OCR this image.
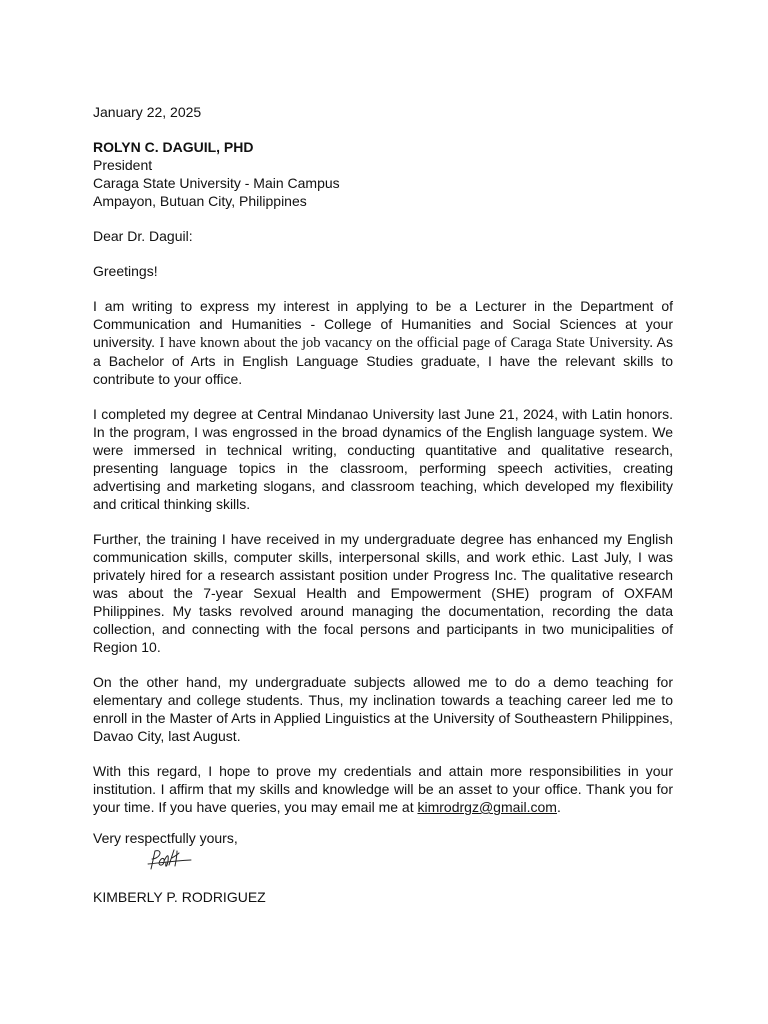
January 22, 2025
ROLYN C. DAGUIL, PHD
President
Caraga State University - Main Campus
Ampayon, Butuan City, Philippines
Dear Dr. Daguil:
Greetings!

I am writing to express my interest in applying to be a Lecturer in the Department of Communication and Humanities - College of Humanities and Social Sciences at your university. I have known about the job vacancy on the official page of Caraga State University. As a Bachelor of Arts in English Language Studies graduate, I have the relevant skills to contribute to your office.

I completed my degree at Central Mindanao University last June 21, 2024, with Latin honors. In the program, I was engrossed in the broad dynamics of the English language system. We were immersed in technical writing, conducting quantitative and qualitative research, presenting language topics in the classroom, performing speech activities, creating advertising and marketing slogans, and classroom teaching, which developed my flexibility and critical thinking skills.

Further, the training I have received in my undergraduate degree has enhanced my English communication skills, computer skills, interpersonal skills, and work ethic. Last July, I was privately hired for a research assistant position under Progress Inc. The qualitative research was about the 7-year Sexual Health and Empowerment (SHE) program of OXFAM Philippines. My tasks revolved around managing the documentation, recording the data collection, and connecting with the focal persons and participants in two municipalities of Region 10.

On the other hand, my undergraduate subjects allowed me to do a demo teaching for elementary and college students. Thus, my inclination towards a teaching career led me to enroll in the Master of Arts in Applied Linguistics at the University of Southeastern Philippines, Davao City, last August.

With this regard, I hope to prove my credentials and attain more responsibilities in your institution. I affirm that my skills and knowledge will be an asset to your office. Thank you for your time. If you have queries, you may email me at kimrodrgz@gmail.com.

Very respectfully yours,
KIMBERLY P. RODRIGUEZ
